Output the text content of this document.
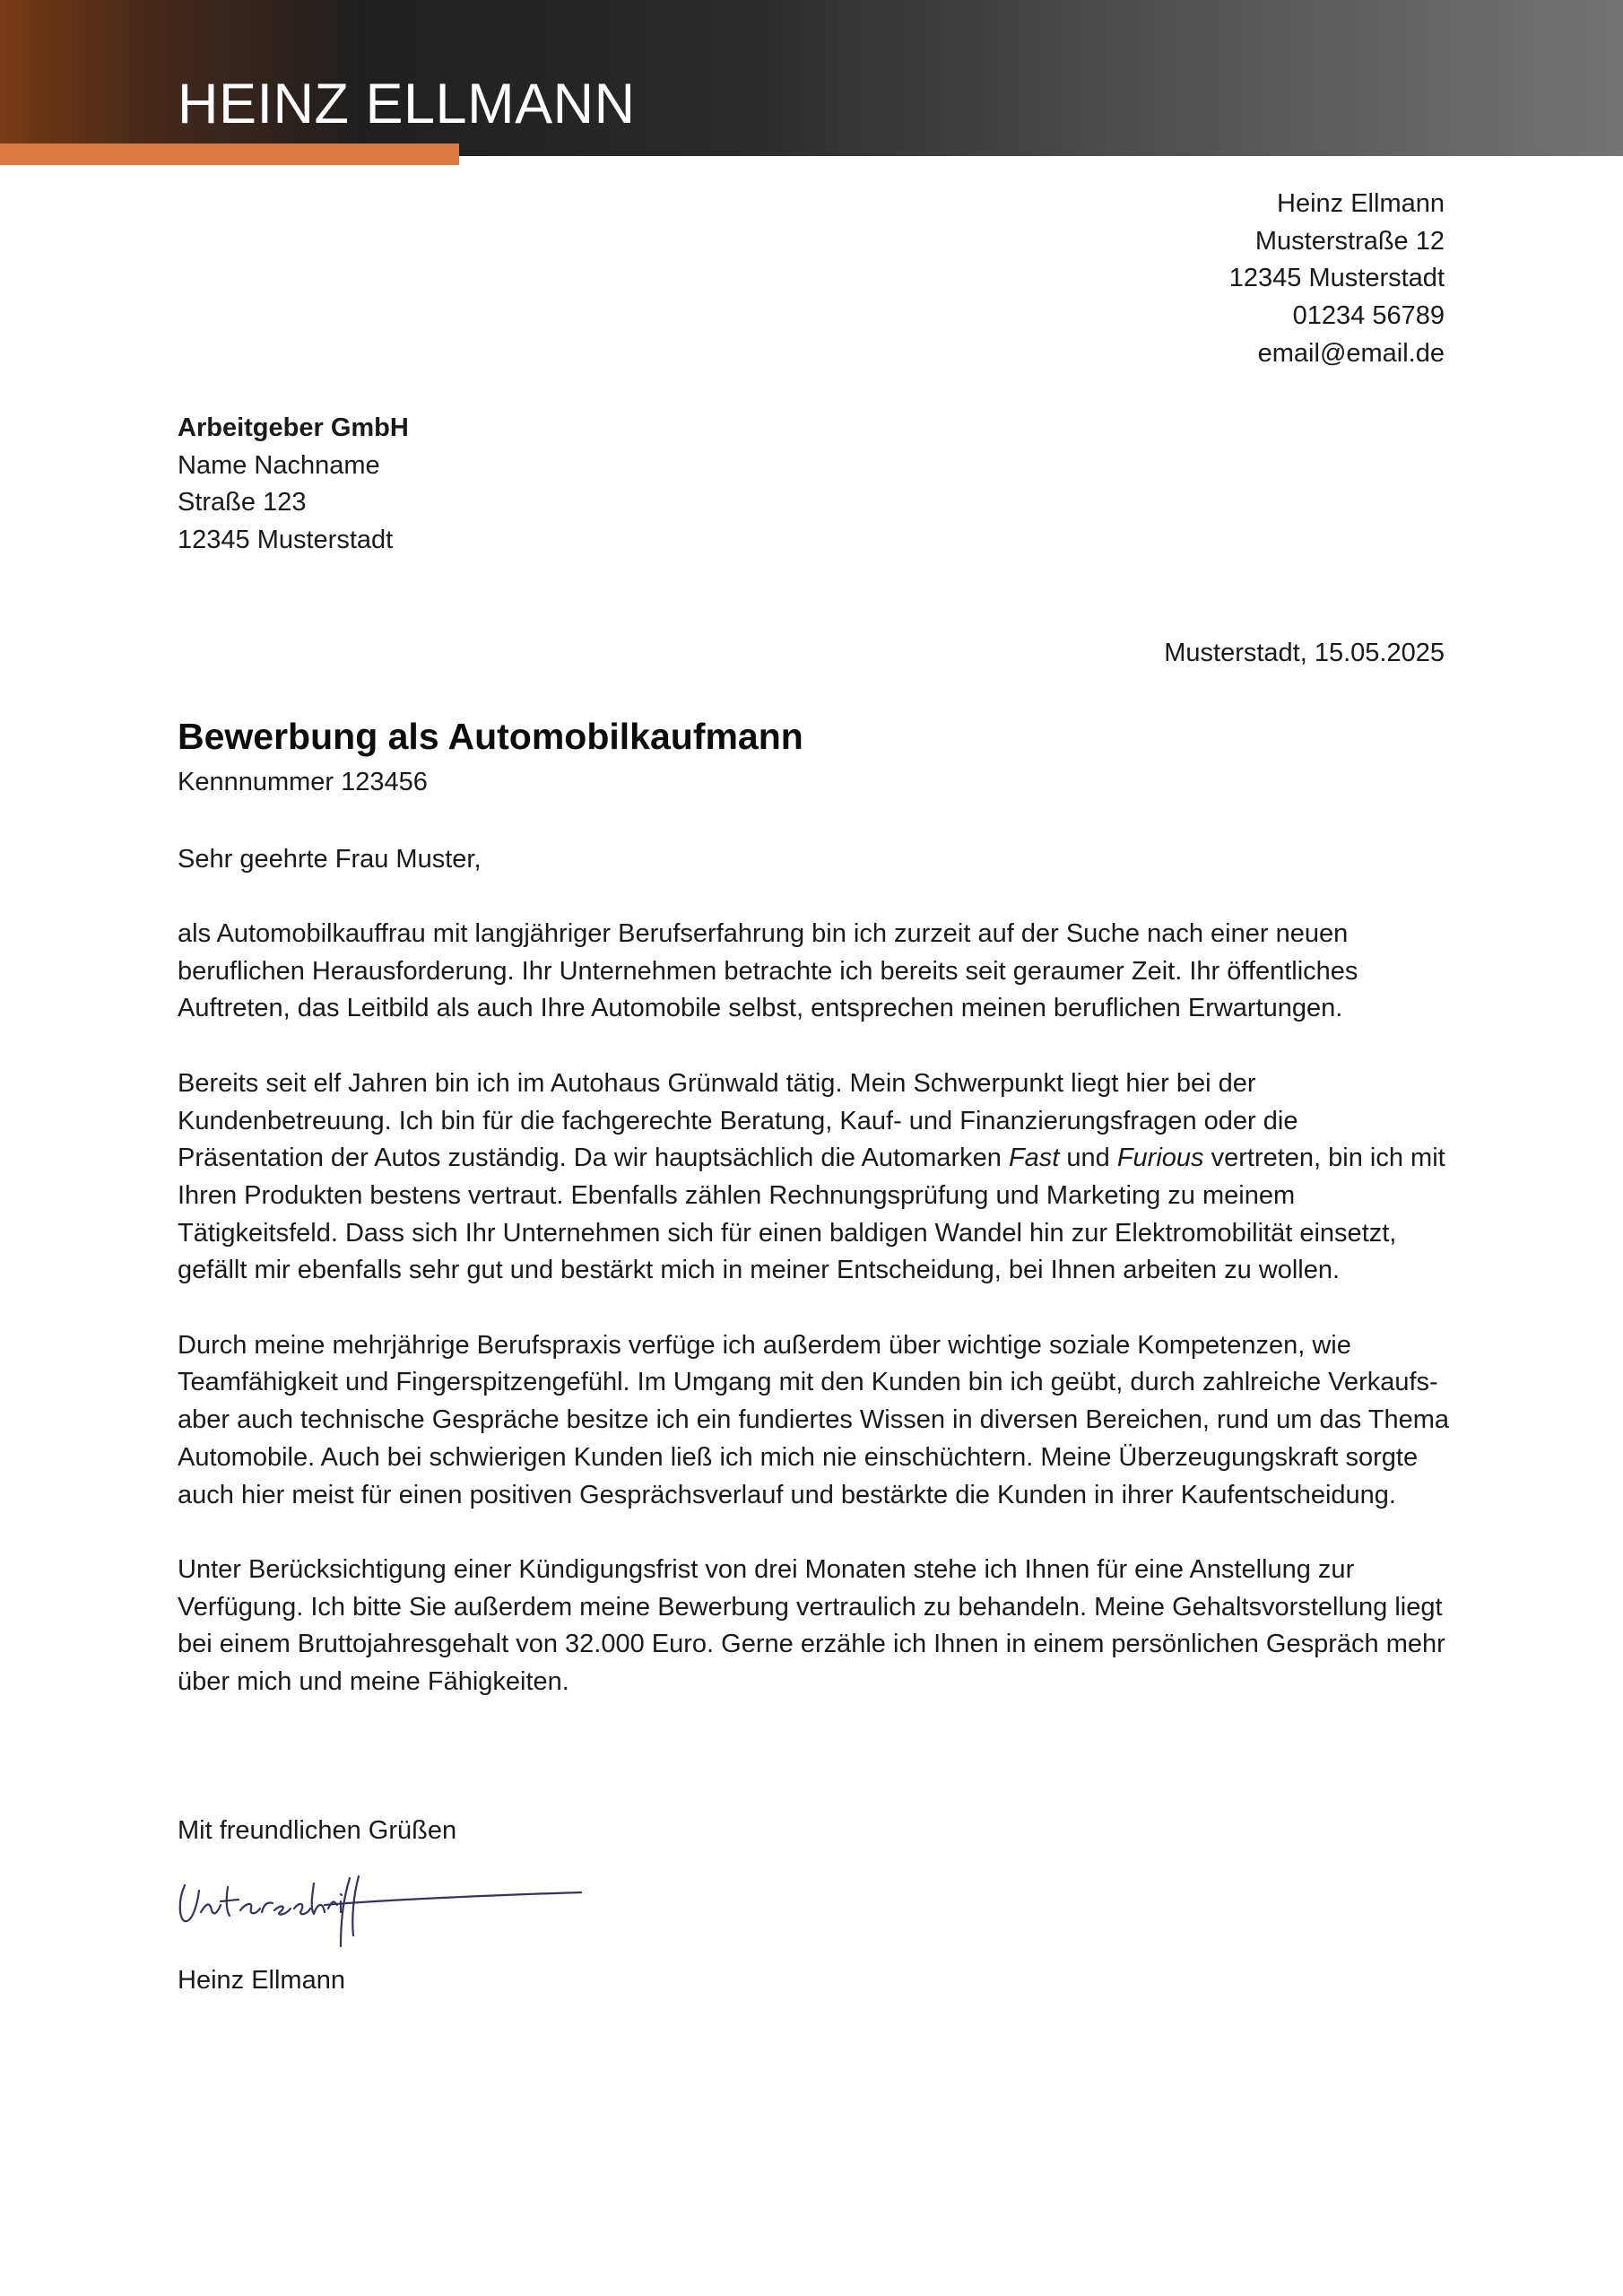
HEINZ ELLMANN
Heinz Ellmann
Musterstraße 12
12345 Musterstadt
01234 56789
email@email.de
Arbeitgeber GmbH
Name Nachname
Straße 123
12345 Musterstadt
Musterstadt, 15.05.2025
Bewerbung als Automobilkaufmann
Kennnummer 123456
Sehr geehrte Frau Muster,

als Automobilkauffrau mit langjähriger Berufserfahrung bin ich zurzeit auf der Suche nach einer neuen beruflichen Herausforderung. Ihr Unternehmen betrachte ich bereits seit geraumer Zeit. Ihr öffentliches Auftreten, das Leitbild als auch Ihre Automobile selbst, entsprechen meinen beruflichen Erwartungen.

Bereits seit elf Jahren bin ich im Autohaus Grünwald tätig. Mein Schwerpunkt liegt hier bei der Kundenbetreuung. Ich bin für die fachgerechte Beratung, Kauf- und Finanzierungsfragen oder die Präsentation der Autos zuständig. Da wir hauptsächlich die Automarken Fast und Furious vertreten, bin ich mit Ihren Produkten bestens vertraut. Ebenfalls zählen Rechnungsprüfung und Marketing zu meinem Tätigkeitsfeld. Dass sich Ihr Unternehmen sich für einen baldigen Wandel hin zur Elektromobilität einsetzt, gefällt mir ebenfalls sehr gut und bestärkt mich in meiner Entscheidung, bei Ihnen arbeiten zu wollen.

Durch meine mehrjährige Berufspraxis verfüge ich außerdem über wichtige soziale Kompetenzen, wie Teamfähigkeit und Fingerspitzengefühl. Im Umgang mit den Kunden bin ich geübt, durch zahlreiche Verkaufs- aber auch technische Gespräche besitze ich ein fundiertes Wissen in diversen Bereichen, rund um das Thema Automobile. Auch bei schwierigen Kunden ließ ich mich nie einschüchtern. Meine Überzeugungskraft sorgte auch hier meist für einen positiven Gesprächsverlauf und bestärkte die Kunden in ihrer Kaufentscheidung.

Unter Berücksichtigung einer Kündigungsfrist von drei Monaten stehe ich Ihnen für eine Anstellung zur Verfügung. Ich bitte Sie außerdem meine Bewerbung vertraulich zu behandeln. Meine Gehaltsvorstellung liegt bei einem Bruttojahresgehalt von 32.000 Euro. Gerne erzähle ich Ihnen in einem persönlichen Gespräch mehr über mich und meine Fähigkeiten.

Mit freundlichen Grüßen
Heinz Ellmann
